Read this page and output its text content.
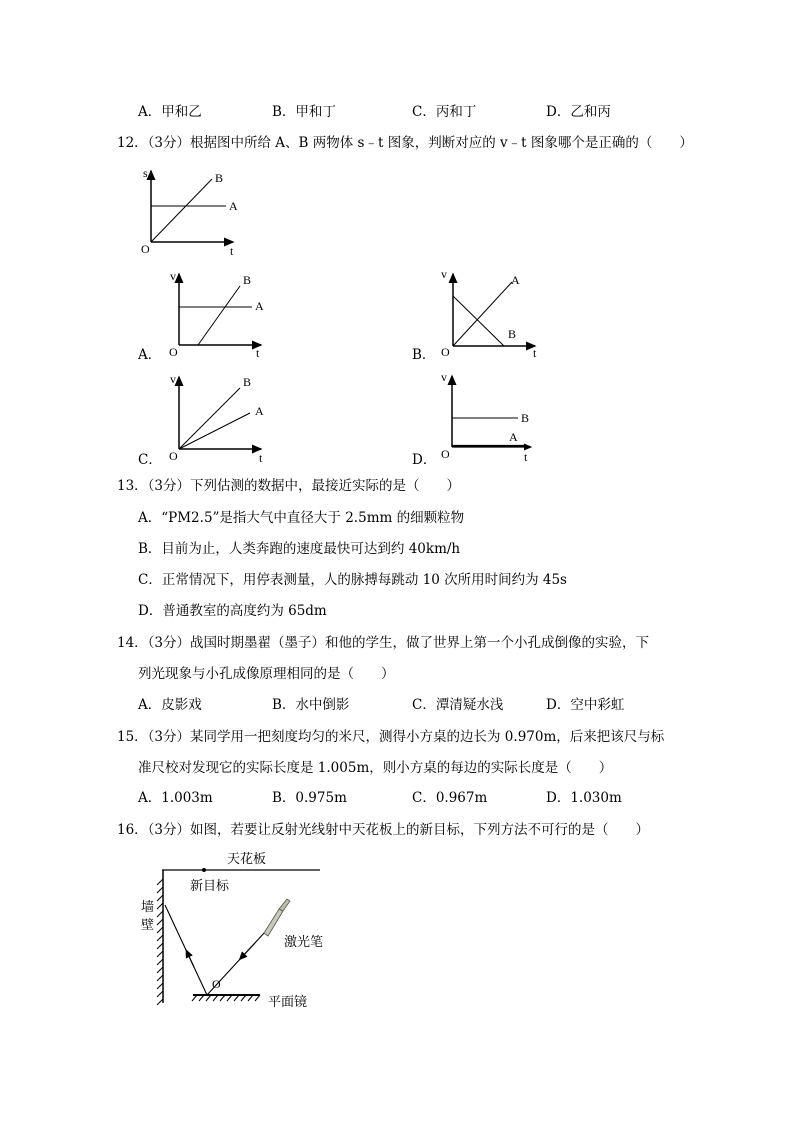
A．甲和乙	B．甲和丁	C．丙和丁	D．乙和丙
12．（3分）根据图中所给 A、B 两物体 s﹣t 图象，判断对应的 v﹣t 图象哪个是正确的（　　）
s
t
O
A
B
A．
v
t
O
A
B
B．
v
t
O
A
B
C．
v
t
O
A
B
D．
v
t
O
A
B
13．（3分）下列估测的数据中，最接近实际的是（　　）
A．“PM2.5”是指大气中直径大于 2.5mm 的细颗粒物
B．目前为止，人类奔跑的速度最快可达到约 40km/h
C．正常情况下，用停表测量，人的脉搏每跳动 10 次所用时间约为 45s
D．普通教室的高度约为 65dm
14．（3分）战国时期墨翟（墨子）和他的学生，做了世界上第一个小孔成倒像的实验，下
列光现象与小孔成像原理相同的是（　　）
A．皮影戏	B．水中倒影	C．潭清疑水浅	D．空中彩虹
15．（3分）某同学用一把刻度均匀的米尺，测得小方桌的边长为 0.970m，后来把该尺与标
准尺校对发现它的实际长度是 1.005m，则小方桌的每边的实际长度是（　　）
A．1.003m	B．0.975m	C．0.967m	D．1.030m
16．（3分）如图，若要让反射光线射中天花板上的新目标，下列方法不可行的是（　　）
天花板
新目标
墙
壁
平面镜
O
激光笔
